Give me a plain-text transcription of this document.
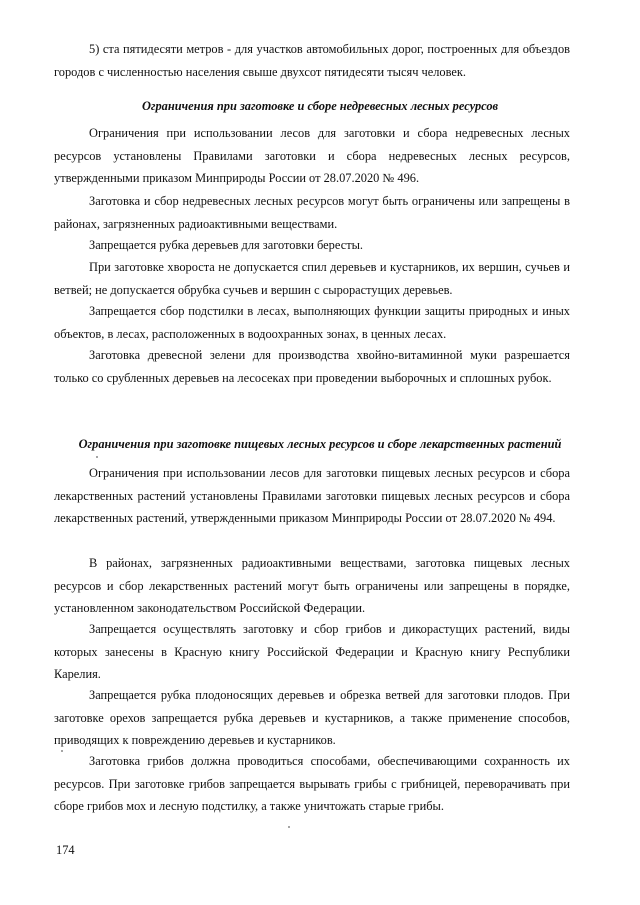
5) ста пятидесяти метров - для участков автомобильных дорог, построенных для объездов городов с численностью населения свыше двухсот пятидесяти тысяч человек.

Ограничения при заготовке и сборе недревесных лесных ресурсов

Ограничения при использовании лесов для заготовки и сбора недревесных лесных ресурсов установлены Правилами заготовки и сбора недревесных лесных ресурсов, утвержденными приказом Минприроды России от 28.07.2020 № 496.

Заготовка и сбор недревесных лесных ресурсов могут быть ограничены или запрещены в районах, загрязненных радиоактивными веществами.

Запрещается рубка деревьев для заготовки бересты.

При заготовке хвороста не допускается спил деревьев и кустарников, их вершин, сучьев и ветвей; не допускается обрубка сучьев и вершин с сырорастущих деревьев.

Запрещается сбор подстилки в лесах, выполняющих функции защиты природных и иных объектов, в лесах, расположенных в водоохранных зонах, в ценных лесах.

Заготовка древесной зелени для производства хвойно-витаминной муки разрешается только со срубленных деревьев на лесосеках при проведении выборочных и сплошных рубок.

Ограничения при заготовке пищевых лесных ресурсов и сборе лекарственных растений

Ограничения при использовании лесов для заготовки пищевых лесных ресурсов и сбора лекарственных растений установлены Правилами заготовки пищевых лесных ресурсов и сбора лекарственных растений, утвержденными приказом Минприроды России от 28.07.2020 № 494.

В районах, загрязненных радиоактивными веществами, заготовка пищевых лесных ресурсов и сбор лекарственных растений могут быть ограничены или запрещены в порядке, установленном законодательством Российской Федерации.

Запрещается осуществлять заготовку и сбор грибов и дикорастущих растений, виды которых занесены в Красную книгу Российской Федерации и Красную книгу Республики Карелия.

Запрещается рубка плодоносящих деревьев и обрезка ветвей для заготовки плодов. При заготовке орехов запрещается рубка деревьев и кустарников, а также применение способов, приводящих к повреждению деревьев и кустарников.

Заготовка грибов должна проводиться способами, обеспечивающими сохранность их ресурсов. При заготовке грибов запрещается вырывать грибы с грибницей, переворачивать при сборе грибов мох и лесную подстилку, а также уничтожать старые грибы.

174
